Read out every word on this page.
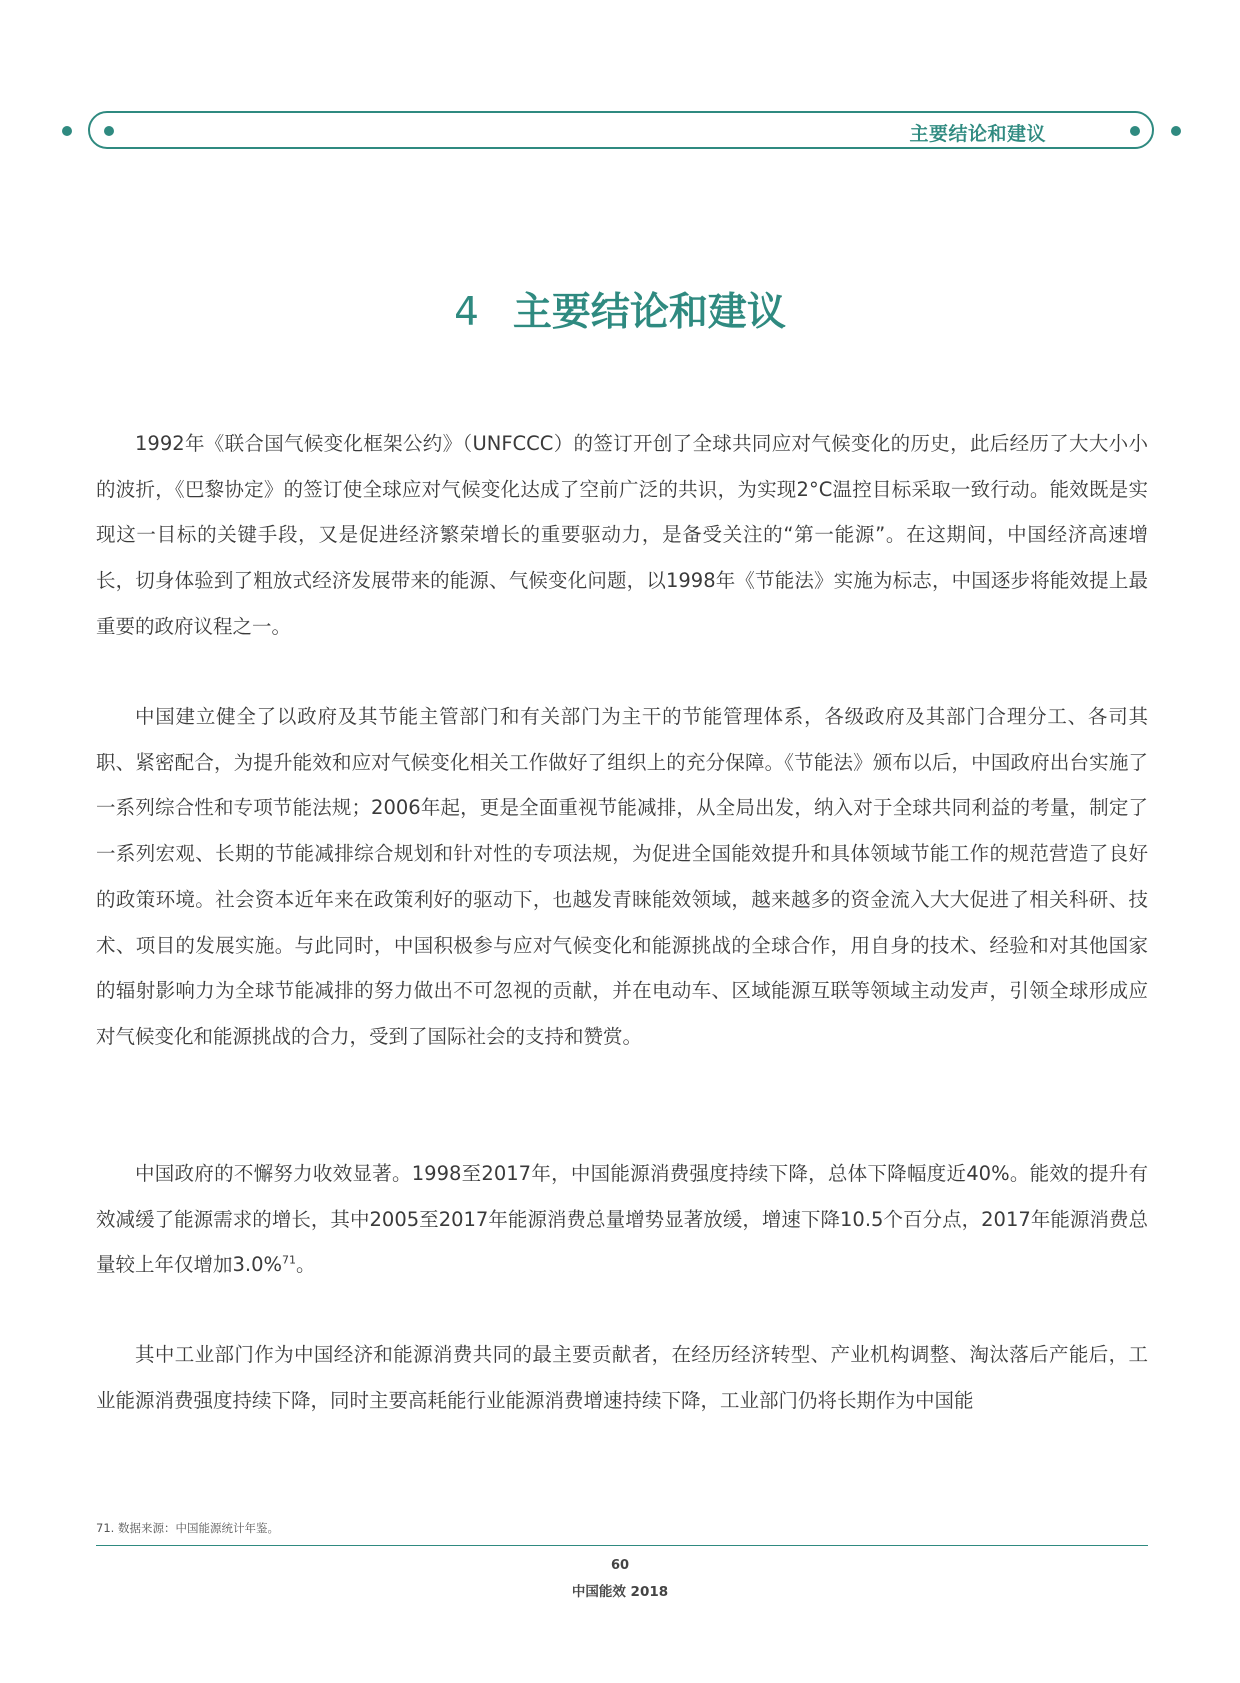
主要结论和建议
4 主要结论和建议
1992年《联合国气候变化框架公约》（UNFCCC）的签订开创了全球共同应对气候变化的历史，此后经历了大大小小的波折，《巴黎协定》的签订使全球应对气候变化达成了空前广泛的共识，为实现2°C温控目标采取一致行动。能效既是实现这一目标的关键手段，又是促进经济繁荣增长的重要驱动力，是备受关注的“第一能源”。在这期间，中国经济高速增长，切身体验到了粗放式经济发展带来的能源、气候变化问题，以1998年《节能法》实施为标志，中国逐步将能效提上最重要的政府议程之一。
中国建立健全了以政府及其节能主管部门和有关部门为主干的节能管理体系，各级政府及其部门合理分工、各司其职、紧密配合，为提升能效和应对气候变化相关工作做好了组织上的充分保障。《节能法》颁布以后，中国政府出台实施了一系列综合性和专项节能法规；2006年起，更是全面重视节能减排，从全局出发，纳入对于全球共同利益的考量，制定了一系列宏观、长期的节能减排综合规划和针对性的专项法规，为促进全国能效提升和具体领域节能工作的规范营造了良好的政策环境。社会资本近年来在政策利好的驱动下，也越发青睐能效领域，越来越多的资金流入大大促进了相关科研、技术、项目的发展实施。与此同时，中国积极参与应对气候变化和能源挑战的全球合作，用自身的技术、经验和对其他国家的辐射影响力为全球节能减排的努力做出不可忽视的贡献，并在电动车、区域能源互联等领域主动发声，引领全球形成应对气候变化和能源挑战的合力，受到了国际社会的支持和赞赏。
中国政府的不懈努力收效显著。1998至2017年，中国能源消费强度持续下降，总体下降幅度近40%。能效的提升有效减缓了能源需求的增长，其中2005至2017年能源消费总量增势显著放缓，增速下降10.5个百分点，2017年能源消费总量较上年仅增加3.0%$^{71}$。
其中工业部门作为中国经济和能源消费共同的最主要贡献者，在经历经济转型、产业机构调整、淘汰落后产能后，工业能源消费强度持续下降，同时主要高耗能行业能源消费增速持续下降，工业部门仍将长期作为中国能
71. 数据来源：中国能源统计年鉴。
60
中国能效 2018
